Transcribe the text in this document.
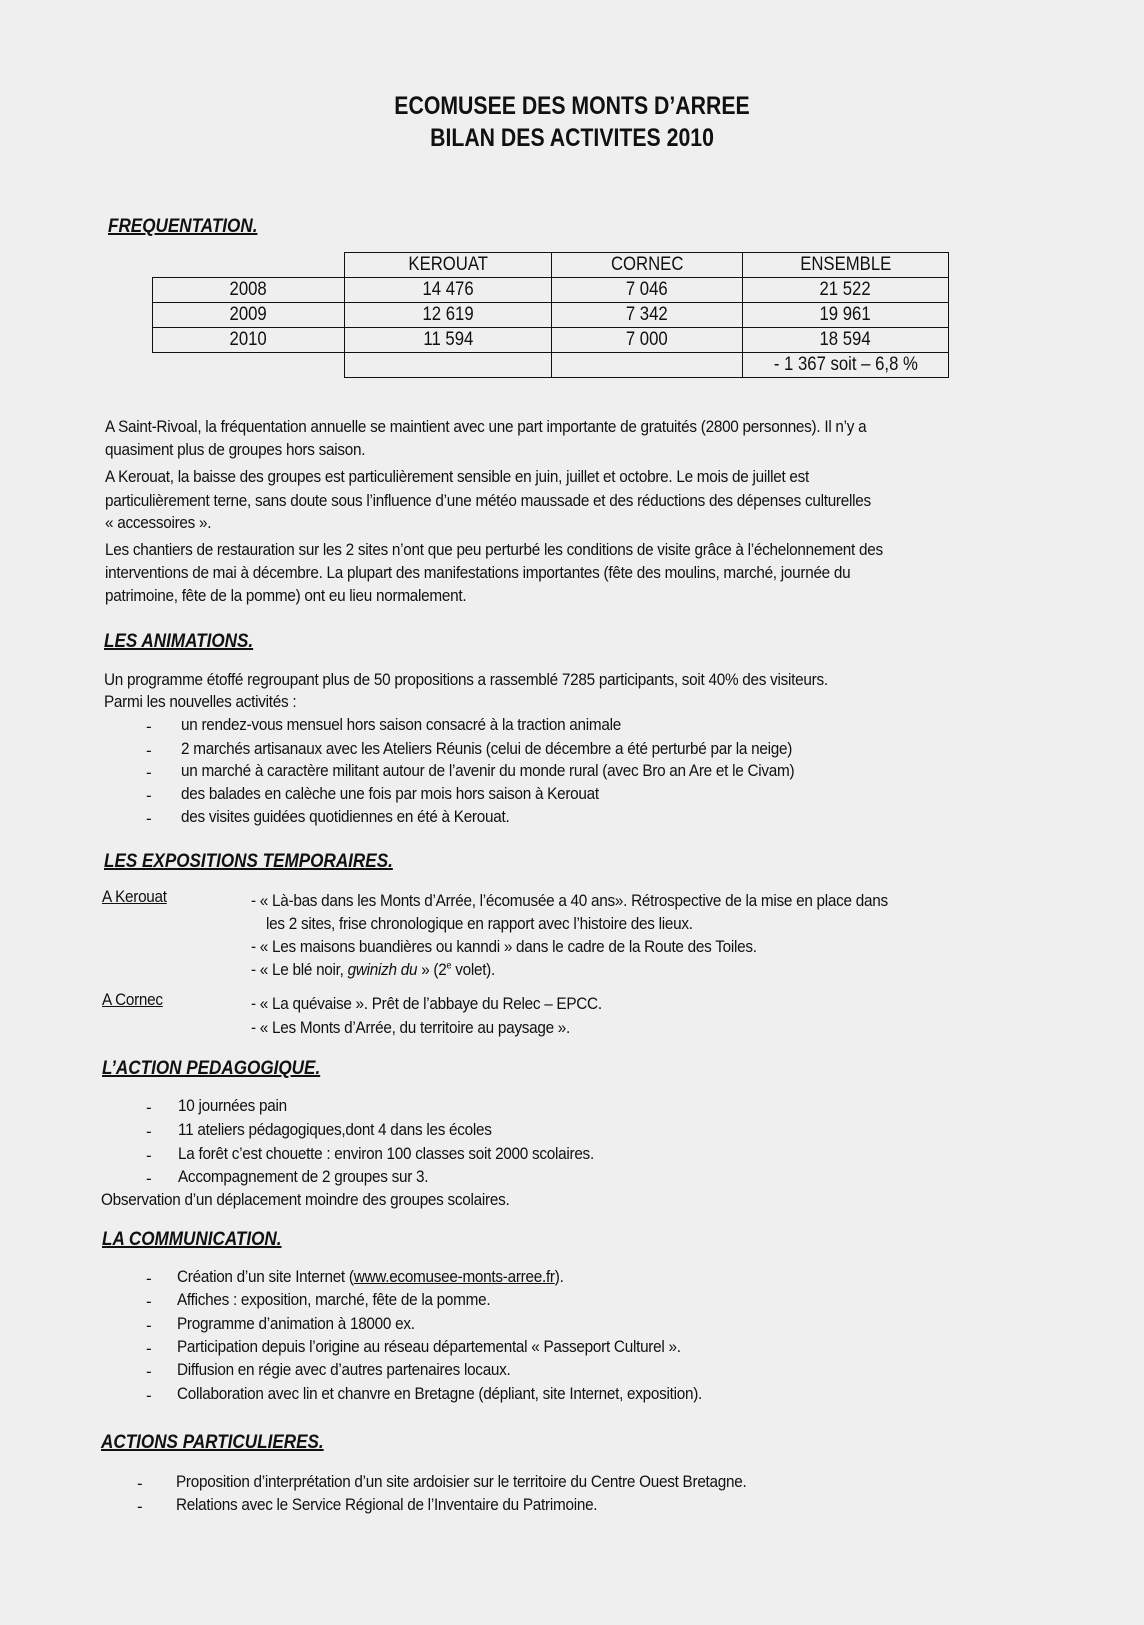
ECOMUSEE DES MONTS D’ARREE
BILAN DES ACTIVITES 2010
FREQUENTATION.
	KEROUAT	CORNEC	ENSEMBLE
2008	14 476	7 046	21 522
2009	12 619	7 342	19 961
2010	11 594	7 000	18 594
			- 1 367 soit – 6,8 %
A Saint-Rivoal, la fréquentation annuelle se maintient avec une part importante de gratuités (2800 personnes). Il n’y a
quasiment plus de groupes hors saison.
A Kerouat, la baisse des groupes est particulièrement sensible en juin, juillet et octobre. Le mois de juillet est
particulièrement terne, sans doute sous l’influence d’une météo maussade et des réductions des dépenses culturelles
« accessoires ».
Les chantiers de restauration sur les 2 sites n’ont que peu perturbé les conditions de visite grâce à l’échelonnement des
interventions de mai à décembre. La plupart des manifestations importantes (fête des moulins, marché, journée du
patrimoine, fête de la pomme) ont eu lieu normalement.
LES ANIMATIONS.
Un programme étoffé regroupant plus de 50 propositions a rassemblé 7285 participants, soit 40% des visiteurs.
Parmi les nouvelles activités :
- un rendez-vous mensuel hors saison consacré à la traction animale
- 2 marchés artisanaux avec les Ateliers Réunis (celui de décembre a été perturbé par la neige)
- un marché à caractère militant autour de l’avenir du monde rural (avec Bro an Are et le Civam)
- des balades en calèche une fois par mois hors saison à Kerouat
- des visites guidées quotidiennes en été à Kerouat.
LES EXPOSITIONS TEMPORAIRES.
A Kerouat	- « Là-bas dans les Monts d’Arrée, l’écomusée a 40 ans». Rétrospective de la mise en place dans
les 2 sites, frise chronologique en rapport avec l’histoire des lieux.
- « Les maisons buandières ou kanndi » dans le cadre de la Route des Toiles.
- « Le blé noir, gwinizh du » (2e volet).
A Cornec	- « La quévaise ». Prêt de l’abbaye du Relec – EPCC.
- « Les Monts d’Arrée, du territoire au paysage ».
L’ACTION PEDAGOGIQUE.
- 10 journées pain
- 11 ateliers pédagogiques,dont 4 dans les écoles
- La forêt c’est chouette : environ 100 classes soit 2000 scolaires.
- Accompagnement de 2 groupes sur 3.
Observation d’un déplacement moindre des groupes scolaires.
LA COMMUNICATION.
- Création d’un site Internet (www.ecomusee-monts-arree.fr).
- Affiches : exposition, marché, fête de la pomme.
- Programme d’animation à 18000 ex.
- Participation depuis l’origine au réseau départemental « Passeport Culturel ».
- Diffusion en régie avec d’autres partenaires locaux.
- Collaboration avec lin et chanvre en Bretagne (dépliant, site Internet, exposition).
ACTIONS PARTICULIERES.
- Proposition d’interprétation d’un site ardoisier sur le territoire du Centre Ouest Bretagne.
- Relations avec le Service Régional de l’Inventaire du Patrimoine.
